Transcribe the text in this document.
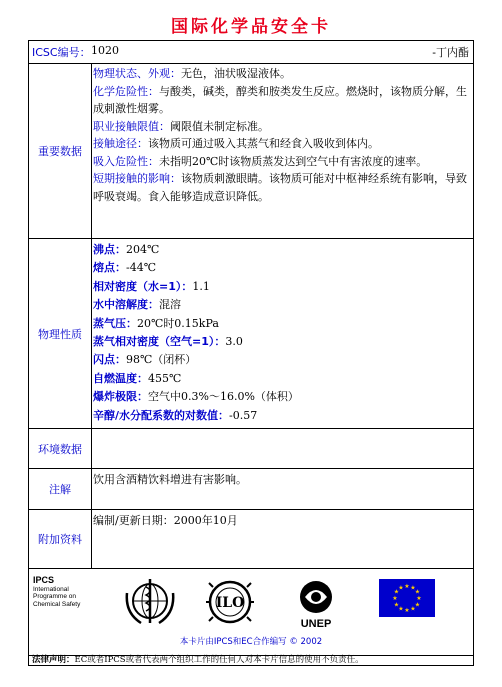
国际化学品安全卡
ICSC编号： 1020	-丁内酯
重要数据
物理状态、外观：无色，油状吸湿液体。
化学危险性：与酸类，碱类，醇类和胺类发生反应。燃烧时，该物质分解，生成刺激性烟雾。
职业接触限值：阈限值未制定标准。
接触途径：该物质可通过吸入其蒸气和经食入吸收到体内。
吸入危险性：未指明20℃时该物质蒸发达到空气中有害浓度的速率。
短期接触的影响：该物质刺激眼睛。该物质可能对中枢神经系统有影响，导致呼吸衰竭。食入能够造成意识降低。
物理性质
沸点：204℃
熔点：-44℃
相对密度（水=1）：1.1
水中溶解度：混溶
蒸气压：20℃时0.15kPa
蒸气相对密度（空气=1）：3.0
闪点：98℃（闭杯）
自燃温度：455℃
爆炸极限：空气中0.3%～16.0%（体积）
辛醇/水分配系数的对数值：-0.57
环境数据
注解
饮用含酒精饮料增进有害影响。
附加资料
编制/更新日期：2000年10月
IPCS
International
Programme on
Chemical Safety	ILO
UNEP
★ ★
★
★
★
★
★
★
★
★
★
★
本卡片由IPCS和EC合作编写 © 2002
法律声明：EC或者IPCS或者代表两个组织工作的任何人对本卡片信息的使用不负责任。
